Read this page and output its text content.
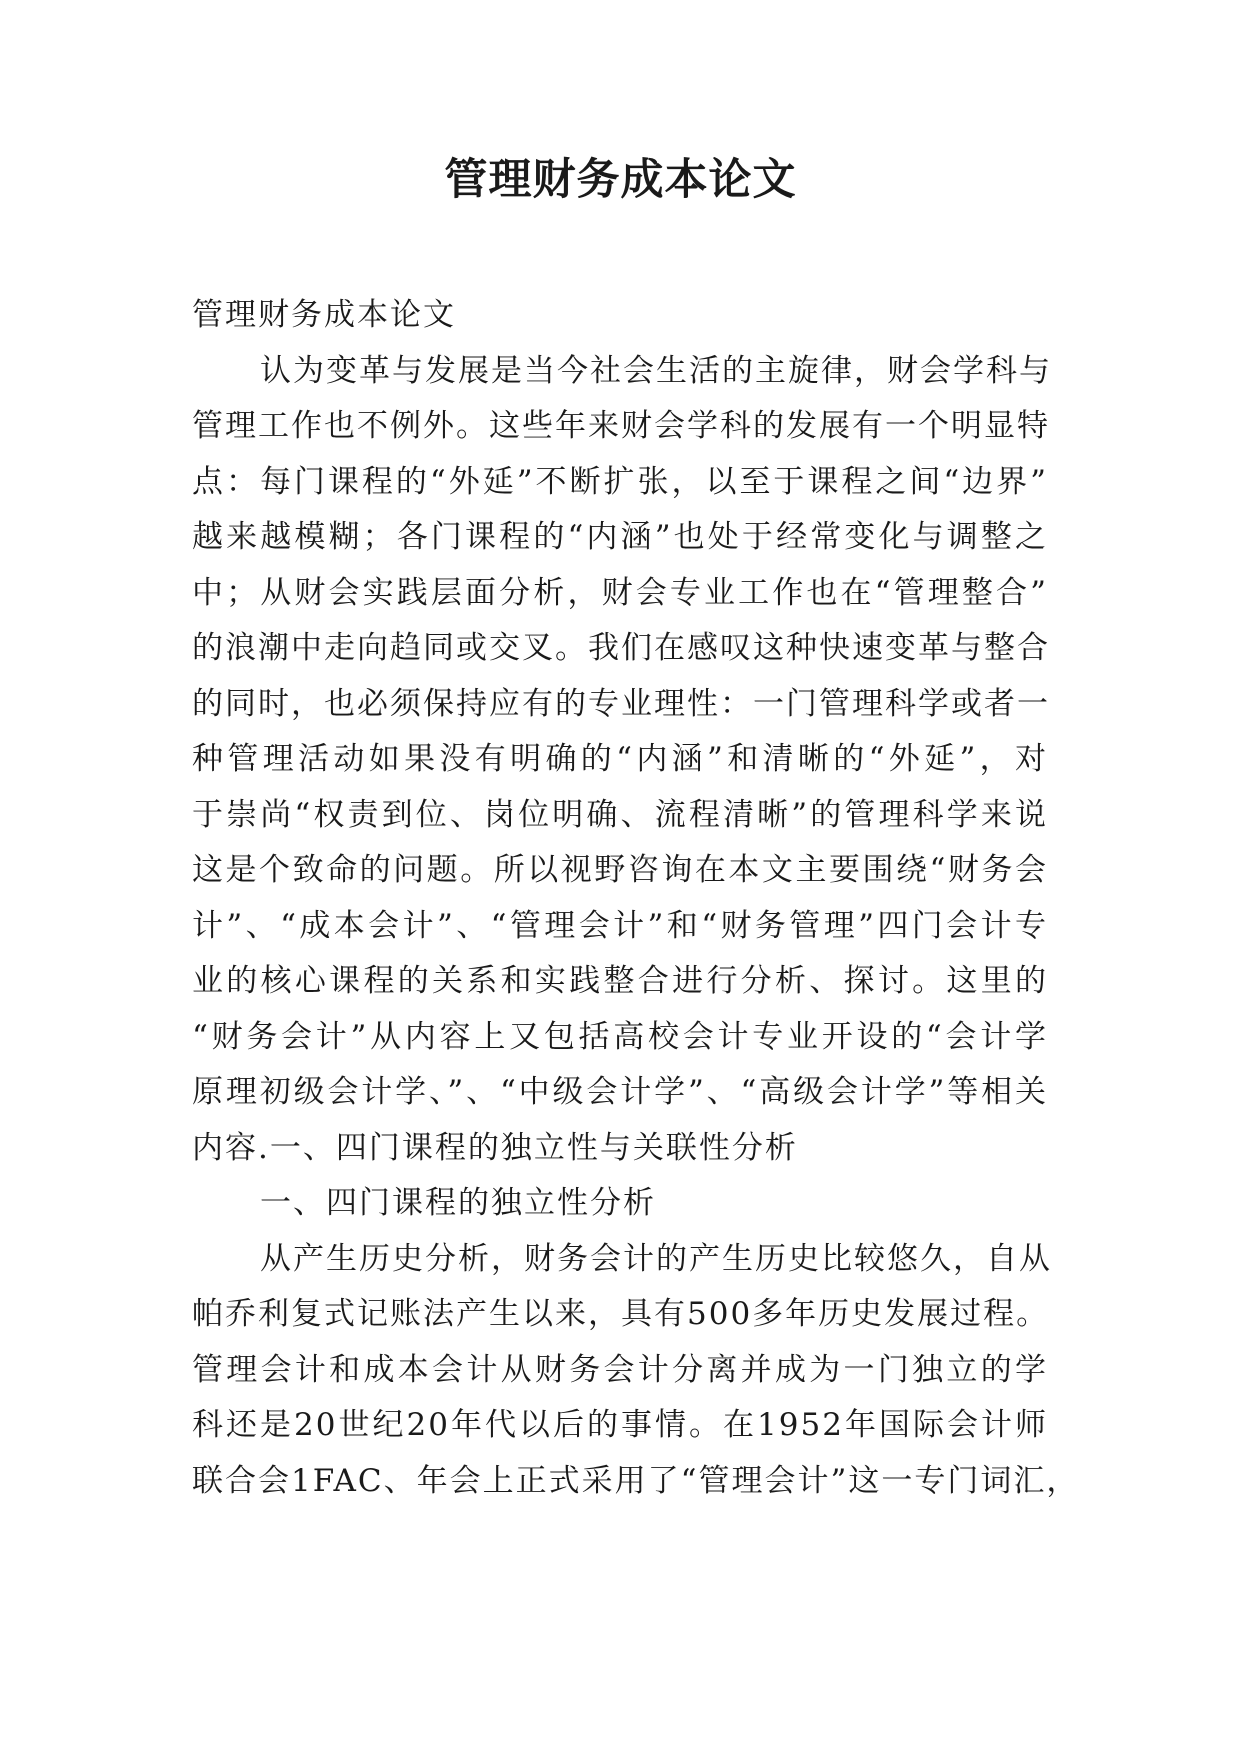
管理财务成本论文
管理财务成本论文
认为变革与发展是当今社会生活的主旋律，财会学科与
管理工作也不例外。这些年来财会学科的发展有一个明显特
点：每门课程的“外延”不断扩张，以至于课程之间“边界”
越来越模糊；各门课程的“内涵”也处于经常变化与调整之
中；从财会实践层面分析，财会专业工作也在“管理整合”
的浪潮中走向趋同或交叉。我们在感叹这种快速变革与整合
的同时，也必须保持应有的专业理性：一门管理科学或者一
种管理活动如果没有明确的“内涵”和清晰的“外延”，对
于崇尚“权责到位、岗位明确、流程清晰”的管理科学来说
这是个致命的问题。所以视野咨询在本文主要围绕“财务会
计”、“成本会计”、“管理会计”和“财务管理”四门会计专
业的核心课程的关系和实践整合进行分析、探讨。这里的
“财务会计”从内容上又包括高校会计专业开设的“会计学
原理初级会计学、”、“中级会计学”、“高级会计学”等相关
内容.一、四门课程的独立性与关联性分析
一、四门课程的独立性分析
从产生历史分析，财务会计的产生历史比较悠久，自从
帕乔利复式记账法产生以来，具有500多年历史发展过程。
管理会计和成本会计从财务会计分离并成为一门独立的学
科还是20世纪20年代以后的事情。在1952年国际会计师
联合会1FAC、年会上正式采用了“管理会计”这一专门词汇，
